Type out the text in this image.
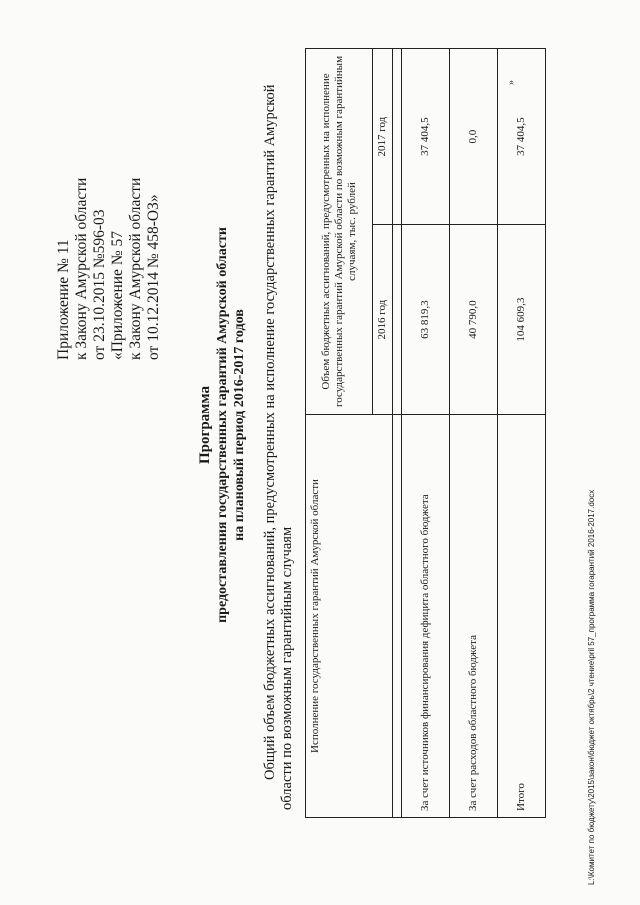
Приложение № 11 к Закону Амурской области от 23.10.2015 №596-03 «Приложение № 57 к Закону Амурской области от 10.12.2014 № 458-ОЗ»
Программа предоставления государственных гарантий Амурской области на плановый период 2016-2017 годов Общий объем бюджетных ассигнований, предусмотренных на исполнение государственных гарантий Амурской области по возможным гарантийным случаям Исполнение государственных гарантий Амурской области	Объем бюджетных ассигнований, предусмотренных на исполнение государственных гарантий Амурской области по возможным гарантийным случаям, тыс. рублей	
	2016 год	2017 год

За счет источников финансирования дефицита областного бюджета	63 819,3	37 404,5
За счет расходов областного бюджета	40 790,0	0,0
Итого	104 609,3	37 404,5
»
L:\Комитет по бюджету\2015\закон\бюджет октябрь\2 чтение\pril 57_программа гогарантий 2016-2017.docx
